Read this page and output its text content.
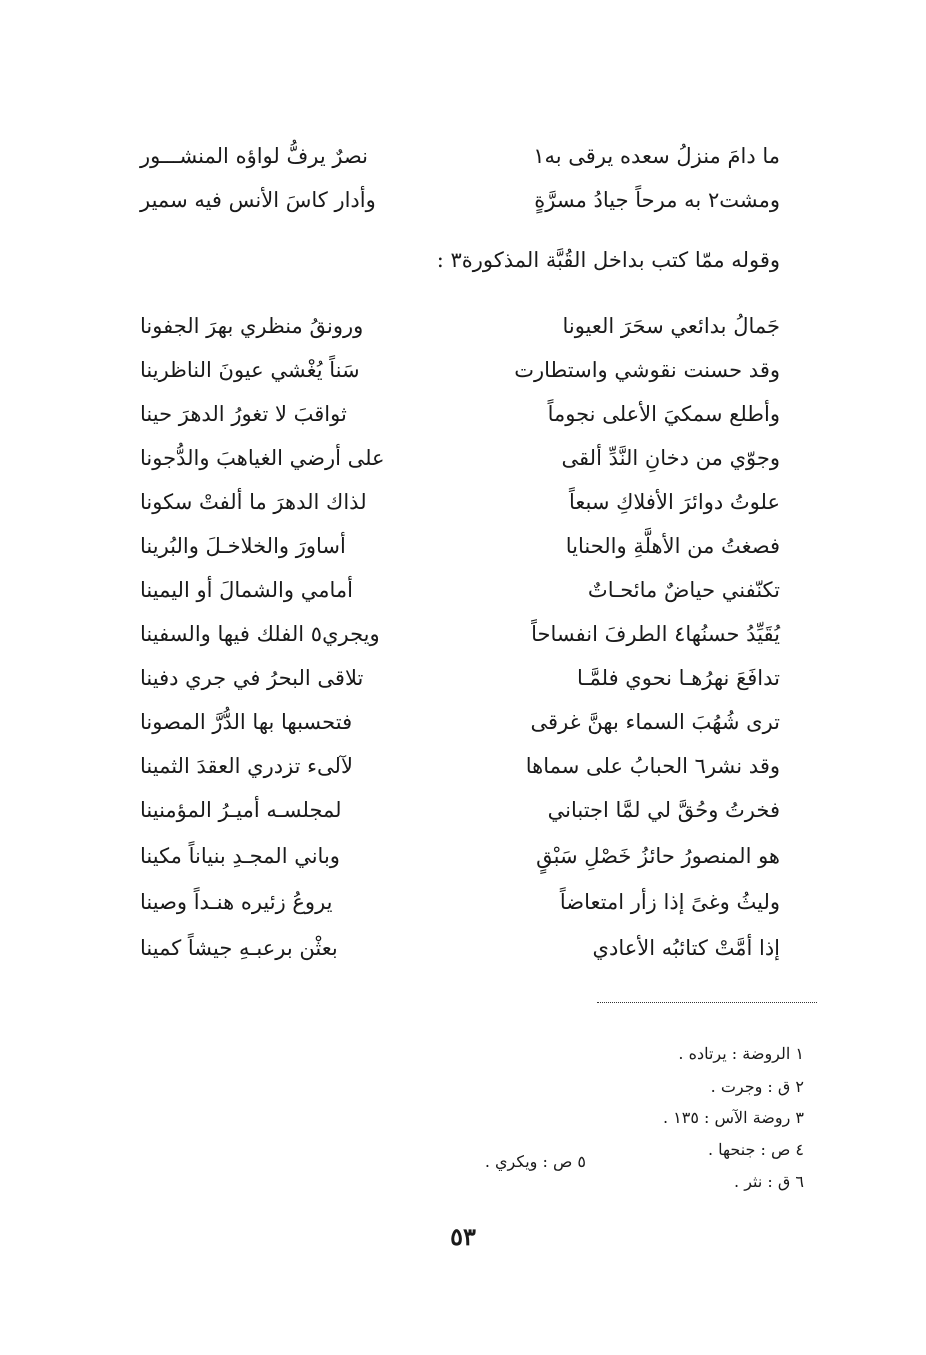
ما دامَ منزلُ سعده يرقى به١
نصرٌ يرفُّ لواؤه المنشـــور
ومشت٢ به مرحاً جيادُ مسرَّةٍ
وأدار كاسَ الأنس فيه سمير
وقوله ممّا كتب بداخل القُبَّة المذكورة٣ :
جَمالُ بدائعي سحَرَ العيونا
ورونقُ منظري بهرَ الجفونا
وقد حسنت نقوشي واستطارت
سَناً يُغْشي عيونَ الناظرينا
وأطلع سمكيَ الأعلى نجوماً
ثواقبَ لا تغورُ الدهرَ حينا
وجوّي من دخانِ النَّدِّ ألقى
على أرضي الغياهبَ والدُّجونا
علوتُ دوائرَ الأفلاكِ سبعاً
لذاك الدهرَ ما ألفتْ سكونا
فصغتُ من الأهلَّةِ والحنايا
أساورَ والخلاخـلَ والبُرينا
تكنّفني حياضٌ مائحـاتٌ
أمامي والشمالَ أو اليمينا
يُقَيِّدُ حسنُها٤ الطرفَ انفساحاً
ويجري٥ الفلك فيها والسفينا
تدافَعَ نهرُهـا نحوي فلمَّـا
تلاقى البحرُ في جري دفينا
ترى شُهُبَ السماء بهنَّ غرقى
فتحسبها بها الدُّرَّ المصونا
وقد نشر٦ الحبابُ على سماها
لآلىء تزدري العقدَ الثمينا
فخرتُ وحُقَّ لي لمَّا اجتباني
لمجلسـه أميـرُ المؤمنينا
هو المنصورُ حائزُ خَصْلِ سَبْقٍ
وباني المجـدِ بنياناً مكينا
وليثُ وغىً إذا زأر امتعاضاً
يروعُ زئيره هنـداً وصينا
إذا أمَّتْ كتائبُه الأعادي
بعثْن برعبـهِ جيشاً كمينا
١ الروضة : يرتاده .
٢ ق : وجرت .
٣ روضة الآس : ١٣٥ .
٤ ص : جنحها .
٥ ص : ويكري .
٦ ق : نثر .
٥٣
